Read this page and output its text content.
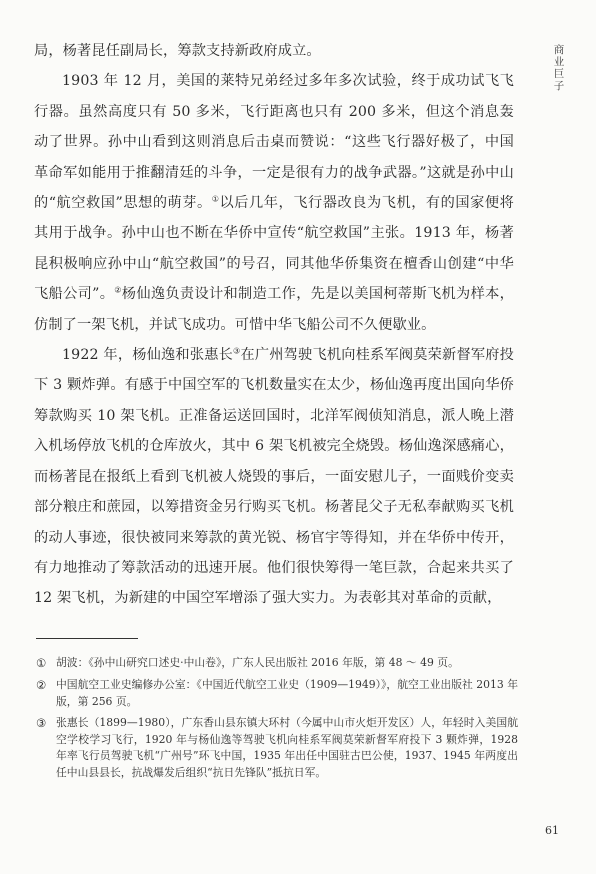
商业巨子

局，杨著昆任副局长，筹款支持新政府成立。

1903 年 12 月，美国的莱特兄弟经过多年多次试验，终于成功试飞飞行器。虽然高度只有 50 多米，飞行距离也只有 200 多米，但这个消息轰动了世界。孙中山看到这则消息后击桌而赞说：“这些飞行器好极了，中国革命军如能用于推翻清廷的斗争，一定是很有力的战争武器。”这就是孙中山的“航空救国”思想的萌芽。①以后几年，飞行器改良为飞机，有的国家便将其用于战争。孙中山也不断在华侨中宣传“航空救国”主张。1913 年，杨著昆积极响应孙中山“航空救国”的号召，同其他华侨集资在檀香山创建“中华飞船公司”。②杨仙逸负责设计和制造工作，先是以美国柯蒂斯飞机为样本，仿制了一架飞机，并试飞成功。可惜中华飞船公司不久便歇业。

1922 年，杨仙逸和张惠长③在广州驾驶飞机向桂系军阀莫荣新督军府投下 3 颗炸弹。有感于中国空军的飞机数量实在太少，杨仙逸再度出国向华侨筹款购买 10 架飞机。正准备运送回国时，北洋军阀侦知消息，派人晚上潜入机场停放飞机的仓库放火，其中 6 架飞机被完全烧毁。杨仙逸深感痛心，而杨著昆在报纸上看到飞机被人烧毁的事后，一面安慰儿子，一面贱价变卖部分粮庄和蔗园，以筹措资金另行购买飞机。杨著昆父子无私奉献购买飞机的动人事迹，很快被同来筹款的黄光锐、杨官宇等得知，并在华侨中传开，有力地推动了筹款活动的迅速开展。他们很快筹得一笔巨款，合起来共买了 12 架飞机，为新建的中国空军增添了强大实力。为表彰其对革命的贡献，

① 胡波：《孙中山研究口述史·中山卷》，广东人民出版社 2016 年版，第 48 ～ 49 页。
② 中国航空工业史编修办公室：《中国近代航空工业史（1909—1949）》，航空工业出版社 2013 年版，第 256 页。
③ 张惠长（1899—1980），广东香山县东镇大环村（今属中山市火炬开发区）人，年轻时入美国航空学校学习飞行，1920 年与杨仙逸等驾驶飞机向桂系军阀莫荣新督军府投下 3 颗炸弹，1928 年率飞行员驾驶飞机“广州号”环飞中国，1935 年出任中国驻古巴公使，1937、1945 年两度出任中山县县长，抗战爆发后组织“抗日先锋队”抵抗日军。
61
